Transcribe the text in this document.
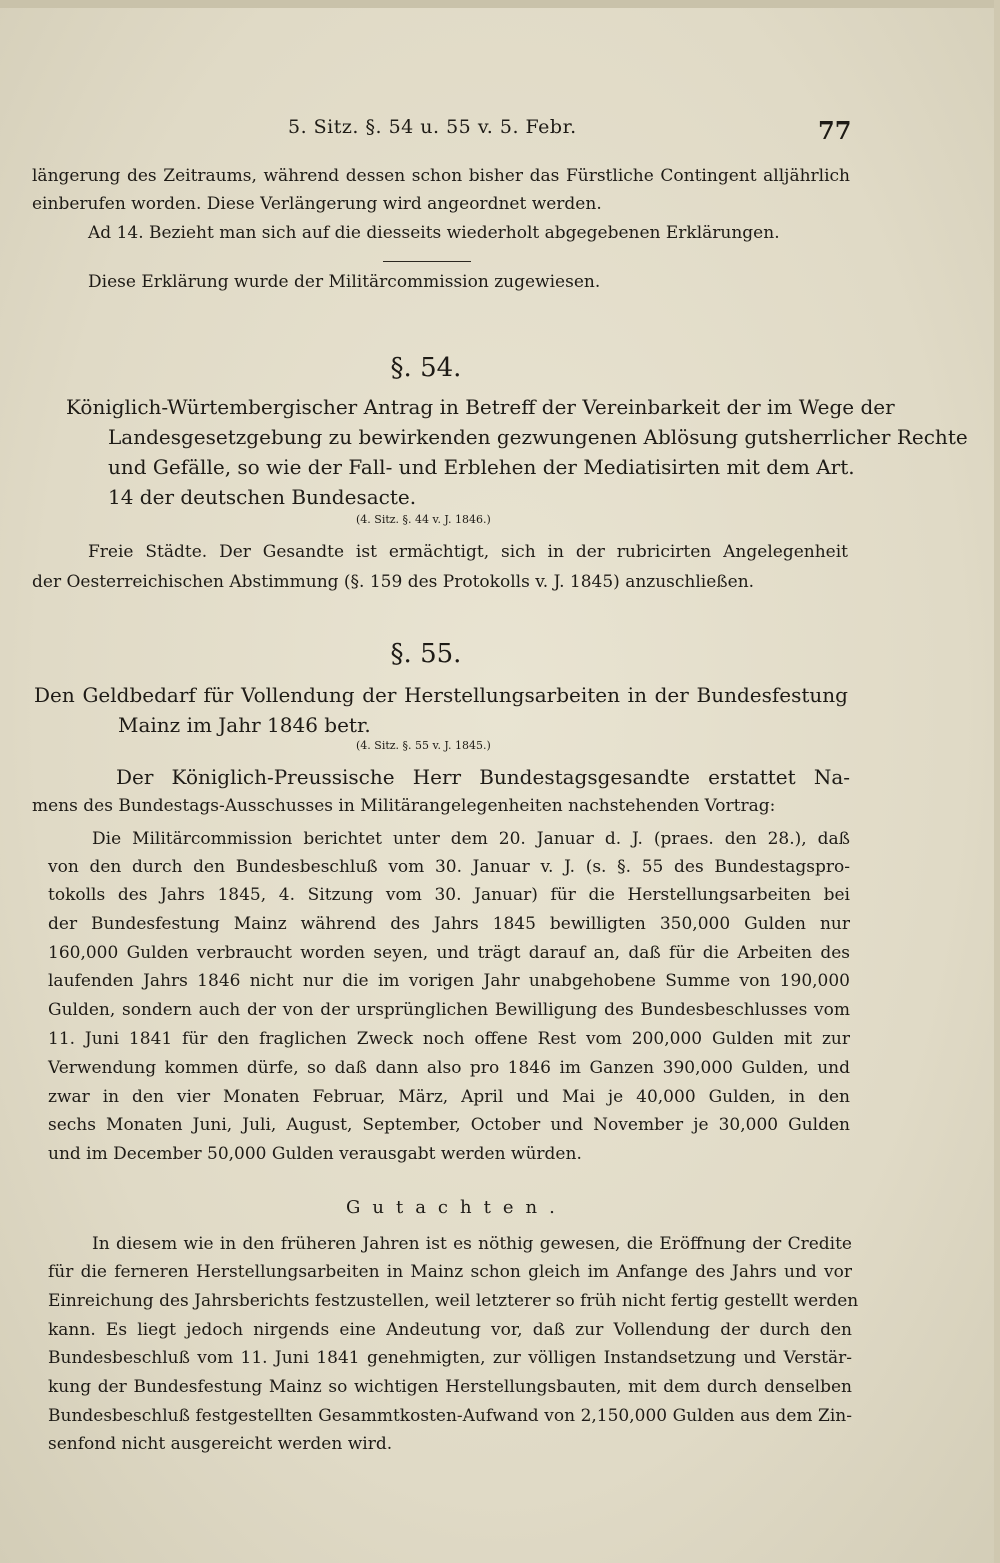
5. Sitz. §. 54 u. 55 v. 5. Febr.	77
längerung des Zeitraums, während dessen schon bisher das Fürstliche Contingent alljährlich
einberufen worden. Diese Verlängerung wird angeordnet werden.
Ad 14. Bezieht man sich auf die diesseits wiederholt abgegebenen Erklärungen.
Diese Erklärung wurde der Militärcommission zugewiesen.
§. 54.
Königlich-Würtembergischer Antrag in Betreff der Vereinbarkeit der im Wege der
Landesgesetzgebung zu bewirkenden gezwungenen Ablösung gutsherrlicher Rechte
und Gefälle, so wie der Fall- und Erblehen der Mediatisirten mit dem Art.
14 der deutschen Bundesacte.
(4. Sitz. §. 44 v. J. 1846.)
Freie Städte. Der Gesandte ist ermächtigt, sich in der rubricirten Angelegenheit
der Oesterreichischen Abstimmung (§. 159 des Protokolls v. J. 1845) anzuschließen.
§. 55.
Den Geldbedarf für Vollendung der Herstellungsarbeiten in der Bundesfestung
Mainz im Jahr 1846 betr.
(4. Sitz. §. 55 v. J. 1845.)
Der Königlich-Preussische Herr Bundestagsgesandte erstattet Na-
mens des Bundestags-Ausschusses in Militärangelegenheiten nachstehenden Vortrag:
Die Militärcommission berichtet unter dem 20. Januar d. J. (praes. den 28.), daß
von den durch den Bundesbeschluß vom 30. Januar v. J. (s. §. 55 des Bundestagspro-
tokolls des Jahrs 1845, 4. Sitzung vom 30. Januar) für die Herstellungsarbeiten bei
der Bundesfestung Mainz während des Jahrs 1845 bewilligten 350,000 Gulden nur
160,000 Gulden verbraucht worden seyen, und trägt darauf an, daß für die Arbeiten des
laufenden Jahrs 1846 nicht nur die im vorigen Jahr unabgehobene Summe von 190,000
Gulden, sondern auch der von der ursprünglichen Bewilligung des Bundesbeschlusses vom
11. Juni 1841 für den fraglichen Zweck noch offene Rest vom 200,000 Gulden mit zur
Verwendung kommen dürfe, so daß dann also pro 1846 im Ganzen 390,000 Gulden, und
zwar in den vier Monaten Februar, März, April und Mai je 40,000 Gulden, in den
sechs Monaten Juni, Juli, August, September, October und November je 30,000 Gulden
und im December 50,000 Gulden verausgabt werden würden.
Gutachten.
In diesem wie in den früheren Jahren ist es nöthig gewesen, die Eröffnung der Credite
für die ferneren Herstellungsarbeiten in Mainz schon gleich im Anfange des Jahrs und vor
Einreichung des Jahrsberichts festzustellen, weil letzterer so früh nicht fertig gestellt werden
kann. Es liegt jedoch nirgends eine Andeutung vor, daß zur Vollendung der durch den
Bundesbeschluß vom 11. Juni 1841 genehmigten, zur völligen Instandsetzung und Verstär-
kung der Bundesfestung Mainz so wichtigen Herstellungsbauten, mit dem durch denselben
Bundesbeschluß festgestellten Gesammtkosten-Aufwand von 2,150,000 Gulden aus dem Zin-
senfond nicht ausgereicht werden wird.
